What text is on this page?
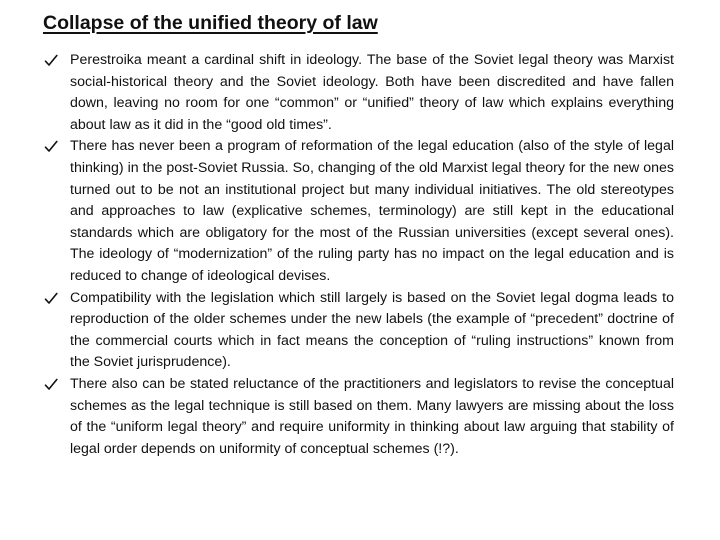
Collapse of the unified theory of law
Perestroika meant a cardinal shift in ideology. The base of the Soviet legal theory was Marxist social-historical theory and the Soviet ideology. Both have been discredited and have fallen down, leaving no room for one “common” or “unified” theory of law which explains everything about law as it did in the “good old times”.
There has never been a program of reformation of the legal education (also of the style of legal thinking) in the post-Soviet Russia. So, changing of the old Marxist legal theory for the new ones turned out to be not an institutional project but many individual initiatives. The old stereotypes and approaches to law (explicative schemes, terminology) are still kept in the educational standards which are obligatory for the most of the Russian universities (except several ones). The ideology of “modernization” of the ruling party has no impact on the legal education and is reduced to change of ideological devises.
Compatibility with the legislation which still largely is based on the Soviet legal dogma leads to reproduction of the older schemes under the new labels (the example of “precedent” doctrine of the commercial courts which in fact means the conception of “ruling instructions” known from the Soviet jurisprudence).
There also can be stated reluctance of the practitioners and legislators to revise the conceptual schemes as the legal technique is still based on them. Many lawyers are missing about the loss of the “uniform legal theory” and require uniformity in thinking about law arguing that stability of legal order depends on uniformity of conceptual schemes (!?).
